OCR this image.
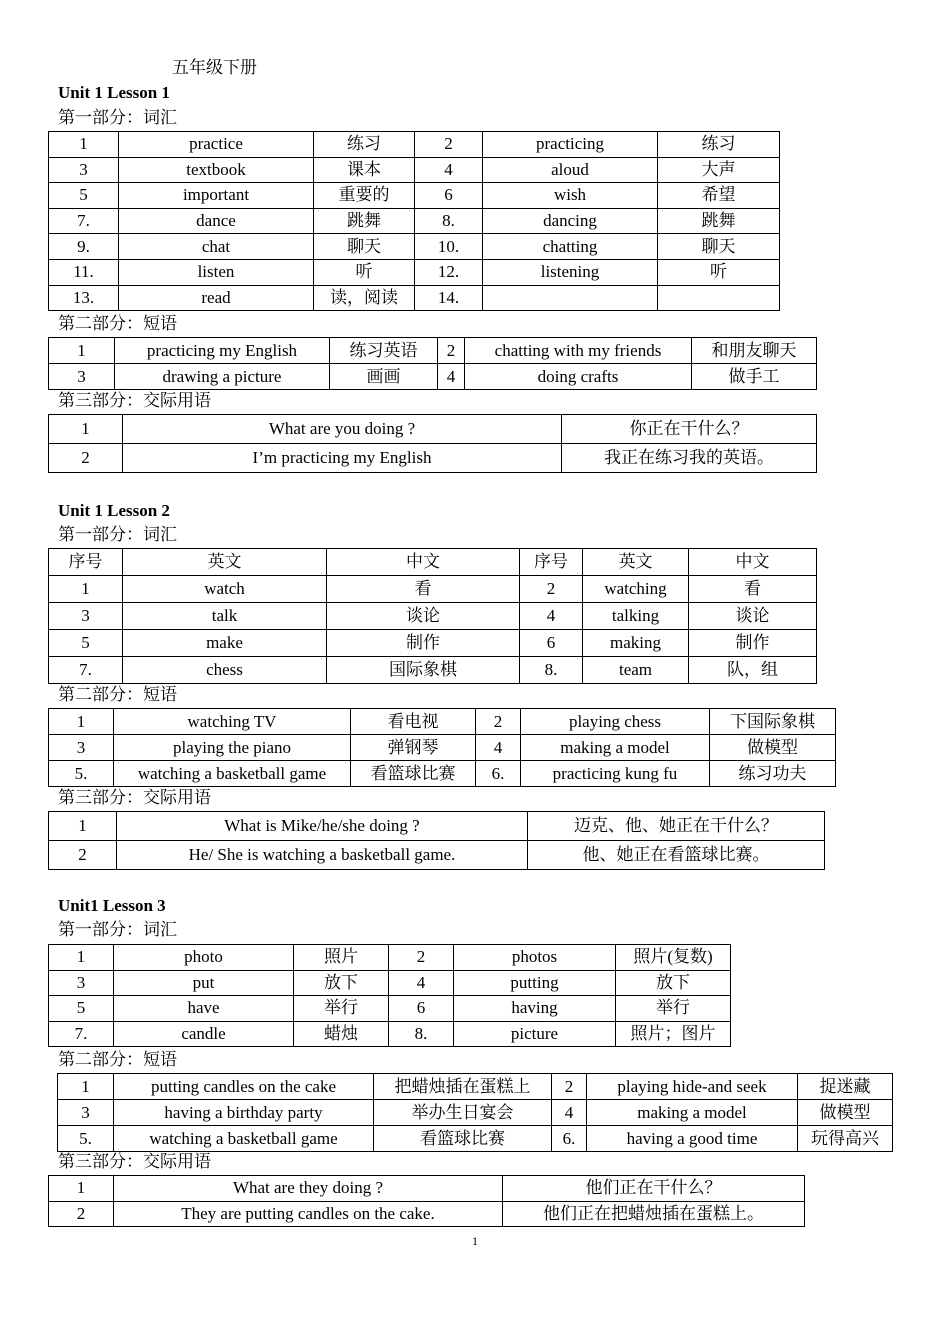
五年级下册
Unit 1 Lesson 1
第一部分：词汇
1	practice	练习	2	practicing	练习
3	textbook	课本	4	aloud	大声
5	important	重要的	6	wish	希望
7.	dance	跳舞	8.	dancing	跳舞
9.	chat	聊天	10.	chatting	聊天
11.	listen	听	12.	listening	听
13.	read	读，阅读	14.		
第二部分：短语
1	practicing my English	练习英语	2	chatting with my friends	和朋友聊天
3	drawing a picture	画画	4	doing crafts	做手工
第三部分：交际用语
1	What are you doing ?	你正在干什么？
2	I’m practicing my English	我正在练习我的英语。
Unit 1 Lesson 2
第一部分：词汇
序号	英文	中文	序号	英文	中文
1	watch	看	2	watching	看
3	talk	谈论	4	talking	谈论
5	make	制作	6	making	制作
7.	chess	国际象棋	8.	team	队，组
第二部分：短语
1	watching TV	看电视	2	playing chess	下国际象棋
3	playing the piano	弹钢琴	4	making a model	做模型
5.	watching a basketball game	看篮球比赛	6.	practicing kung fu	练习功夫
第三部分：交际用语
1	What is Mike/he/she doing ?	迈克、他、她正在干什么？
2	He/ She is watching a basketball game.	他、她正在看篮球比赛。
Unit1 Lesson 3
第一部分：词汇
1	photo	照片	2	photos	照片(复数)
3	put	放下	4	putting	放下
5	have	举行	6	having	举行
7.	candle	蜡烛	8.	picture	照片；图片
第二部分：短语
1	putting candles on the cake	把蜡烛插在蛋糕上	2	playing hide-and seek	捉迷藏
3	having a birthday party	举办生日宴会	4	making a model	做模型
5.	watching a basketball game	看篮球比赛	6.	having a good time	玩得高兴
第三部分：交际用语
1	What are they doing ?	他们正在干什么？
2	They are putting candles on the cake.	他们正在把蜡烛插在蛋糕上。
1
